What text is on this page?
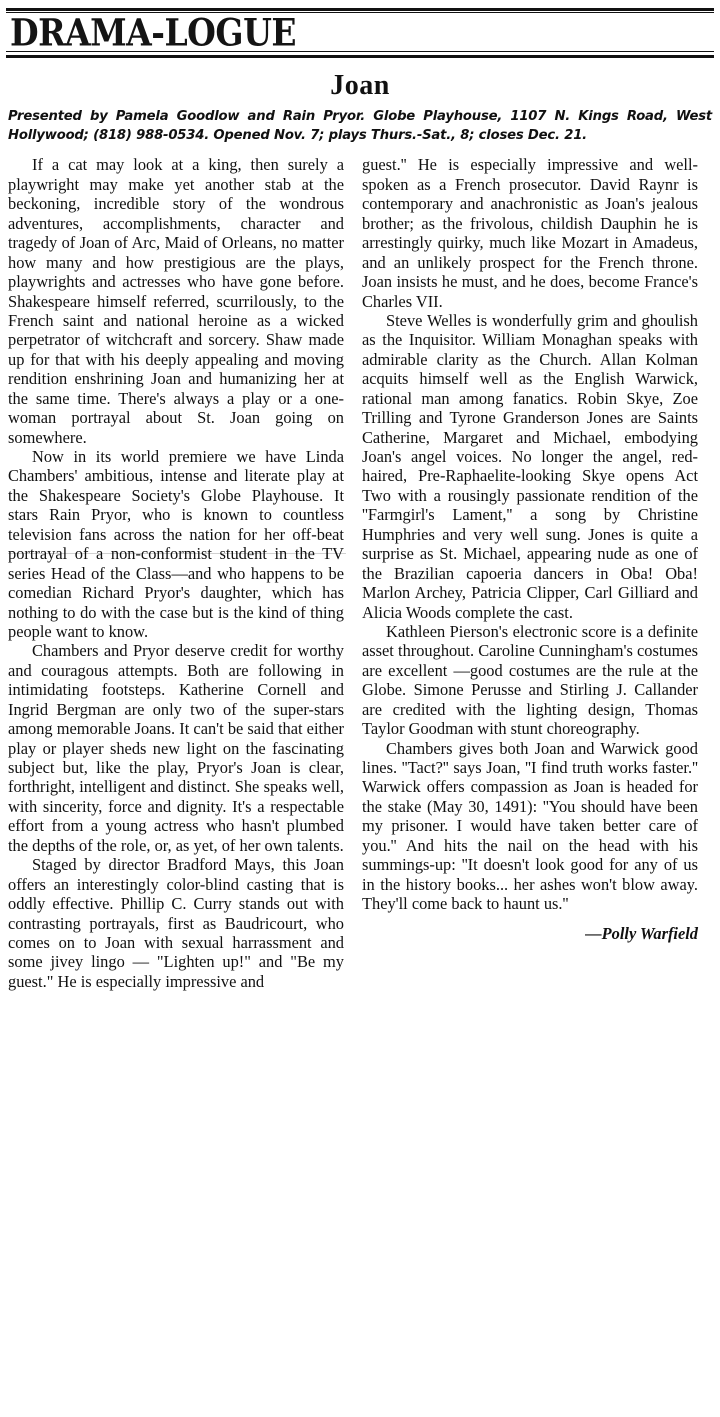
DRAMA-LOGUE
Joan
Presented by Pamela Goodlow and Rain Pryor. Globe Playhouse, 1107 N. Kings Road, West Hollywood; (818) 988-0534. Opened Nov. 7; plays Thurs.-Sat., 8; closes Dec. 21.

If a cat may look at a king, then surely a playwright may make yet another stab at the beckoning, incredible story of the wondrous adventures, accomplishments, character and tragedy of Joan of Arc, Maid of Orleans, no matter how many and how prestigious are the plays, playwrights and actresses who have gone before. Shakespeare himself referred, scurrilously, to the French saint and national heroine as a wicked perpetrator of witchcraft and sorcery. Shaw made up for that with his deeply appealing and moving rendition enshrining Joan and humanizing her at the same time. There's always a play or a one-woman portrayal about St. Joan going on somewhere.

Now in its world premiere we have Linda Chambers' ambitious, intense and literate play at the Shakespeare Society's Globe Playhouse. It stars Rain Pryor, who is known to countless television fans across the nation for her off-beat portrayal of a non-conformist student in the TV series Head of the Class—and who happens to be comedian Richard Pryor's daughter, which has nothing to do with the case but is the kind of thing people want to know.

Chambers and Pryor deserve credit for worthy and couragous attempts. Both are following in intimidating footsteps. Katherine Cornell and Ingrid Bergman are only two of the super-stars among memorable Joans. It can't be said that either play or player sheds new light on the fascinating subject but, like the play, Pryor's Joan is clear, forthright, intelligent and distinct. She speaks well, with sincerity, force and dignity. It's a respectable effort from a young actress who hasn't plumbed the depths of the role, or, as yet, of her own talents.

Staged by director Bradford Mays, this Joan offers an interestingly color-blind casting that is oddly effective. Phillip C. Curry stands out with contrasting portrayals, first as Baudricourt, who comes on to Joan with sexual harrassment and some jivey lingo — "Lighten up!" and "Be my guest." He is especially impressive and

guest.'' He is especially impressive and well-spoken as a French prosecutor. David Raynr is contemporary and anachronistic as Joan's jealous brother; as the frivolous, childish Dauphin he is arrestingly quirky, much like Mozart in Amadeus, and an unlikely prospect for the French throne. Joan insists he must, and he does, become France's Charles VII.

Steve Welles is wonderfully grim and ghoulish as the Inquisitor. William Monaghan speaks with admirable clarity as the Church. Allan Kolman acquits himself well as the English Warwick, rational man among fanatics. Robin Skye, Zoe Trilling and Tyrone Granderson Jones are Saints Catherine, Margaret and Michael, embodying Joan's angel voices. No longer the angel, red-haired, Pre-Raphaelite-looking Skye opens Act Two with a rousingly passionate rendition of the ''Farmgirl's Lament,'' a song by Christine Humphries and very well sung. Jones is quite a surprise as St. Michael, appearing nude as one of the Brazilian capoeria dancers in Oba! Oba! Marlon Archey, Patricia Clipper, Carl Gilliard and Alicia Woods complete the cast.

Kathleen Pierson's electronic score is a definite asset throughout. Caroline Cunningham's costumes are excellent —good costumes are the rule at the Globe. Simone Perusse and Stirling J. Callander are credited with the lighting design, Thomas Taylor Goodman with stunt choreography.

Chambers gives both Joan and Warwick good lines. ''Tact?'' says Joan, ''I find truth works faster.'' Warwick offers compassion as Joan is headed for the stake (May 30, 1491): ''You should have been my prisoner. I would have taken better care of you.'' And hits the nail on the head with his summings-up: ''It doesn't look good for any of us in the history books... her ashes won't blow away. They'll come back to haunt us.''

—Polly Warfield
